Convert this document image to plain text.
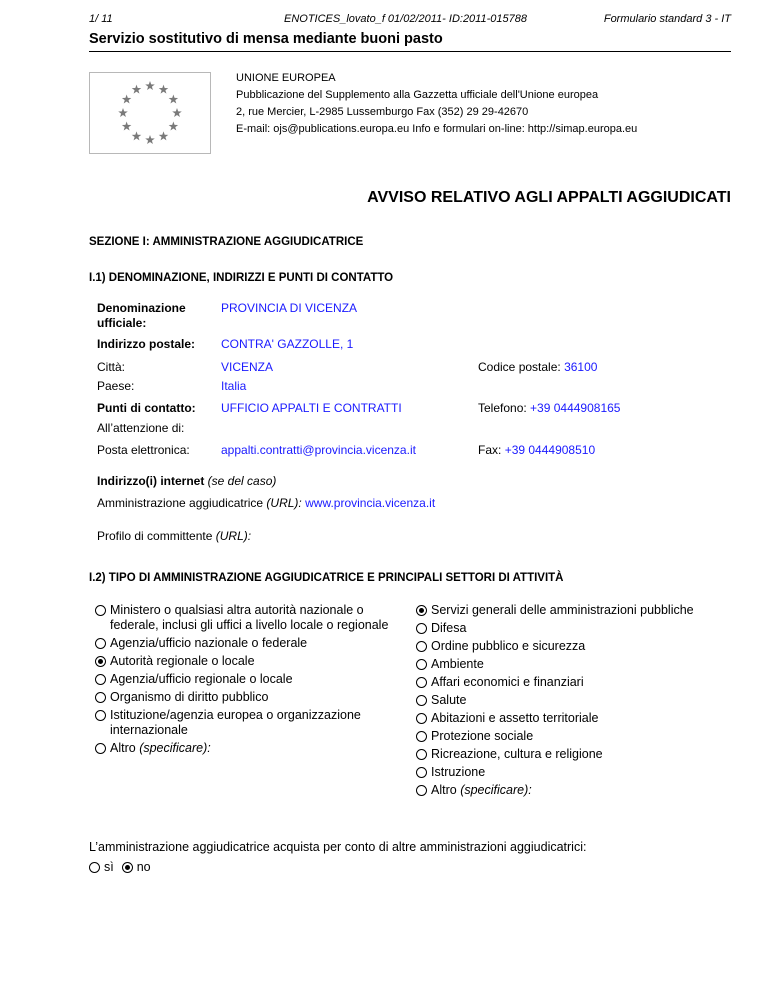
1/ 11	ENOTICES_lovato_f 01/02/2011- ID:2011-015788	Formulario standard 3 - IT
Servizio sostitutivo di mensa mediante buoni pasto
UNIONE EUROPEA
Pubblicazione del Supplemento alla Gazzetta ufficiale dell'Unione europea
2, rue Mercier, L-2985 Lussemburgo Fax (352) 29 29-42670
E-mail: ojs@publications.europa.eu Info e formulari on-line: http://simap.europa.eu
AVVISO RELATIVO AGLI APPALTI AGGIUDICATI
SEZIONE I: AMMINISTRAZIONE AGGIUDICATRICE
I.1) DENOMINAZIONE, INDIRIZZI E PUNTI DI CONTATTO
Denominazione ufficiale:
PROVINCIA DI VICENZA
Indirizzo postale: CONTRA' GAZZOLLE, 1
Città:	VICENZA	Codice postale: 36100
Paese:	Italia
Punti di contatto: UFFICIO APPALTI E CONTRATTI	Telefono: +39 0444908165
All’attenzione di:
Posta elettronica:	appalti.contratti@provincia.vicenza.it	Fax: +39 0444908510
Indirizzo(i) internet (se del caso)
Amministrazione aggiudicatrice (URL): www.provincia.vicenza.it
Profilo di committente (URL):
I.2) TIPO DI AMMINISTRAZIONE AGGIUDICATRICE E PRINCIPALI SETTORI DI ATTIVITÀ
Ministero o qualsiasi altra autorità nazionale o federale, inclusi gli uffici a livello locale o regionale
Agenzia/ufficio nazionale o federale
Autorità regionale o locale
Agenzia/ufficio regionale o locale
Organismo di diritto pubblico
Istituzione/agenzia europea o organizzazione internazionale
Altro (specificare):
Servizi generali delle amministrazioni pubbliche
Difesa
Ordine pubblico e sicurezza
Ambiente
Affari economici e finanziari
Salute
Abitazioni e assetto territoriale
Protezione sociale
Ricreazione, cultura e religione
Istruzione
Altro (specificare):
L’amministrazione aggiudicatrice acquista per conto di altre amministrazioni aggiudicatrici:
sì no
